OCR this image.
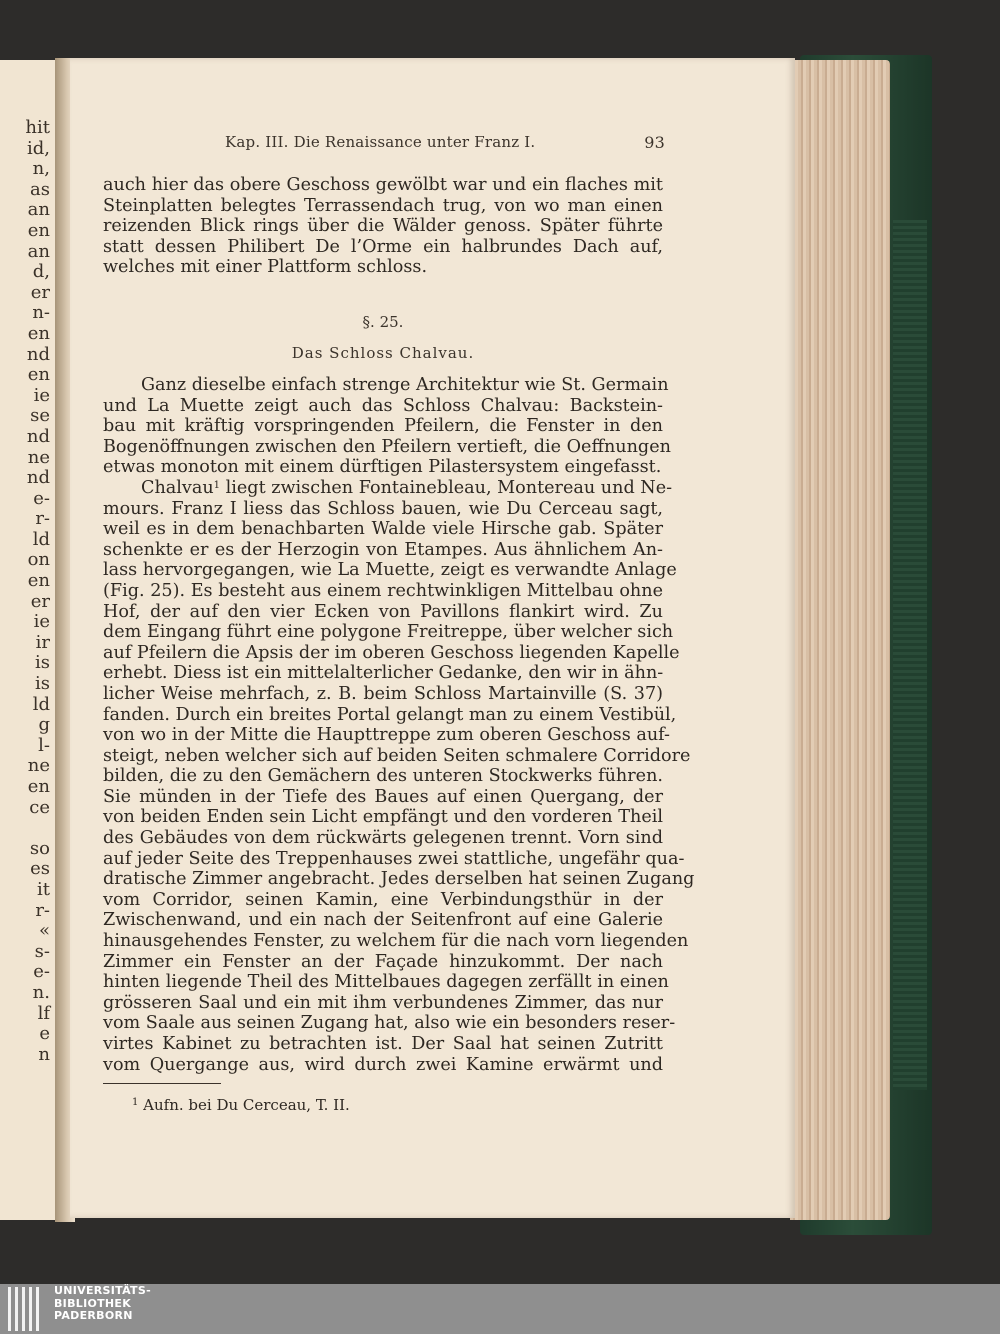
hit
id,
n,
as
an
en
an
d,
er
n-
en
nd
en
ie
se
nd
ne
nd
e-
r-
ld
on
en
er
ie
ir
is
is
ld
g
l-
ne
en
ce
so
es
it
r-
«
s-
e-
n.
lf
e
n
Kap. III. Die Renaissance unter Franz I.	93
auch hier das obere Geschoss gewölbt war und ein flaches mit
Steinplatten belegtes Terrassendach trug, von wo man einen
reizenden Blick rings über die Wälder genoss. Später führte
statt dessen Philibert De l’Orme ein halbrundes Dach auf,
welches mit einer Plattform schloss.
§. 25.
Das Schloss Chalvau.
Ganz dieselbe einfach strenge Architektur wie St. Germain
und La Muette zeigt auch das Schloss Chalvau: Backstein-
bau mit kräftig vorspringenden Pfeilern, die Fenster in den
Bogenöffnungen zwischen den Pfeilern vertieft, die Oeffnungen
etwas monoton mit einem dürftigen Pilastersystem eingefasst.
Chalvau$^1$ liegt zwischen Fontainebleau, Montereau und Ne-
mours. Franz I liess das Schloss bauen, wie Du Cerceau sagt,
weil es in dem benachbarten Walde viele Hirsche gab. Später
schenkte er es der Herzogin von Etampes. Aus ähnlichem An-
lass hervorgegangen, wie La Muette, zeigt es verwandte Anlage
(Fig. 25). Es besteht aus einem rechtwinkligen Mittelbau ohne
Hof, der auf den vier Ecken von Pavillons flankirt wird. Zu
dem Eingang führt eine polygone Freitreppe, über welcher sich
auf Pfeilern die Apsis der im oberen Geschoss liegenden Kapelle
erhebt. Diess ist ein mittelalterlicher Gedanke, den wir in ähn-
licher Weise mehrfach, z. B. beim Schloss Martainville (S. 37)
fanden. Durch ein breites Portal gelangt man zu einem Vestibül,
von wo in der Mitte die Haupttreppe zum oberen Geschoss auf-
steigt, neben welcher sich auf beiden Seiten schmalere Corridore
bilden, die zu den Gemächern des unteren Stockwerks führen.
Sie münden in der Tiefe des Baues auf einen Quergang, der
von beiden Enden sein Licht empfängt und den vorderen Theil
des Gebäudes von dem rückwärts gelegenen trennt. Vorn sind
auf jeder Seite des Treppenhauses zwei stattliche, ungefähr qua-
dratische Zimmer angebracht. Jedes derselben hat seinen Zugang
vom Corridor, seinen Kamin, eine Verbindungsthür in der
Zwischenwand, und ein nach der Seitenfront auf eine Galerie
hinausgehendes Fenster, zu welchem für die nach vorn liegenden
Zimmer ein Fenster an der Façade hinzukommt. Der nach
hinten liegende Theil des Mittelbaues dagegen zerfällt in einen
grösseren Saal und ein mit ihm verbundenes Zimmer, das nur
vom Saale aus seinen Zugang hat, also wie ein besonders reser-
virtes Kabinet zu betrachten ist. Der Saal hat seinen Zutritt
vom Quergange aus, wird durch zwei Kamine erwärmt und
$^1$ Aufn. bei Du Cerceau, T. II.
UNIVERSITÄTS-
BIBLIOTHEK
PADERBORN
